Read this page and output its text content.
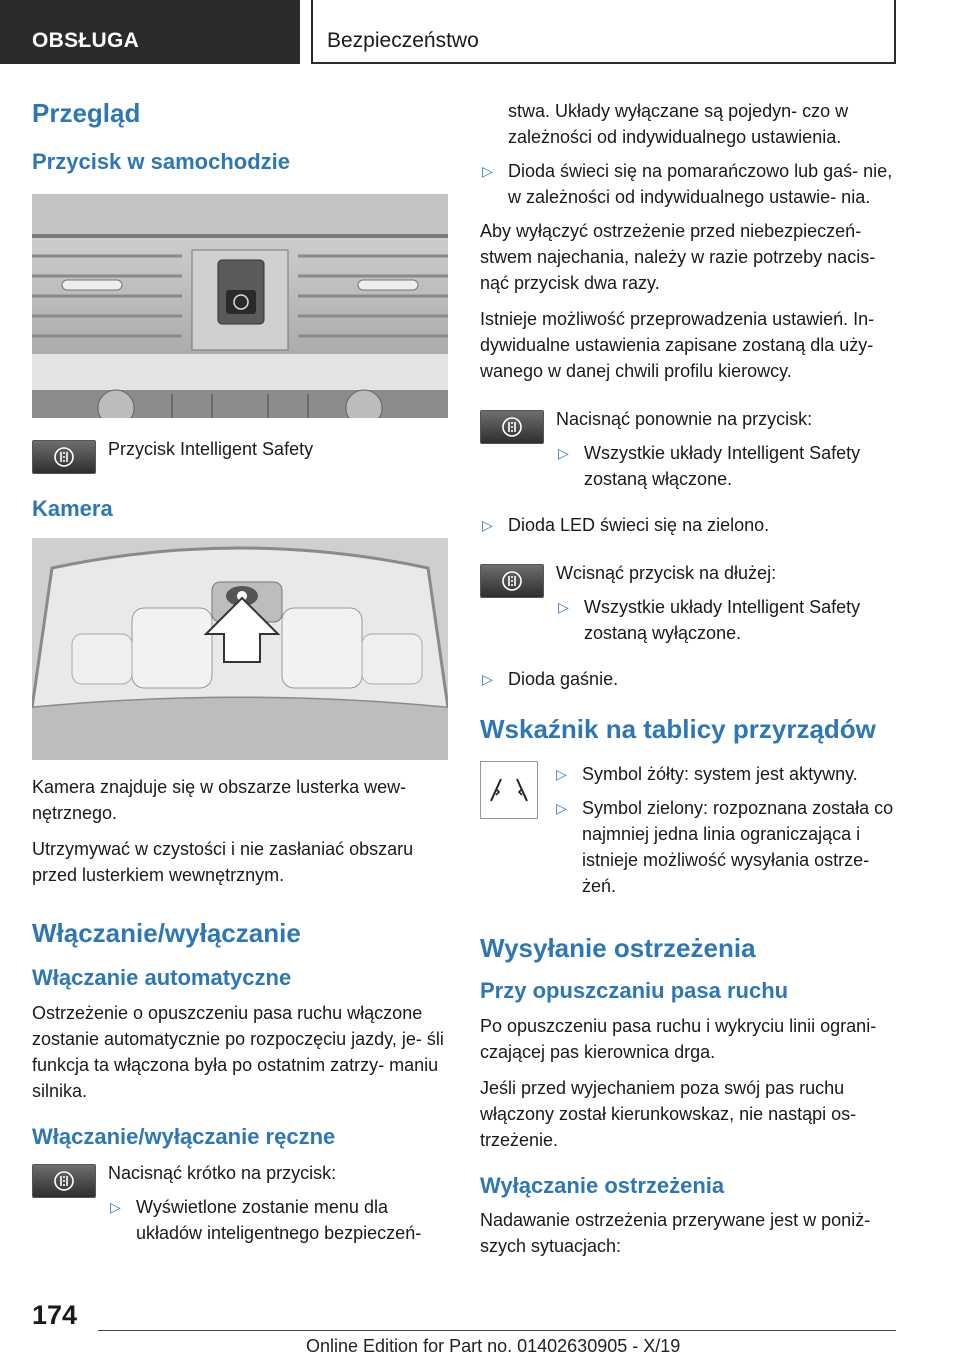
OBSŁUGA	Bezpieczeństwo
Przegląd
Przycisk w samochodzie
Przycisk Intelligent Safety
Kamera

Kamera znajduje się w obszarze lusterka wew‐ nętrznego.

Utrzymywać w czystości i nie zasłaniać obszaru przed lusterkiem wewnętrznym.

Włączanie/wyłączanie
Włączanie automatyczne

Ostrzeżenie o opuszczeniu pasa ruchu włączone zostanie automatycznie po rozpoczęciu jazdy, je‐ śli funkcja ta włączona była po ostatnim zatrzy‐ maniu silnika.

Włączanie/wyłączanie ręczne

Nacisnąć krótko na przycisk:

▷ Wyświetlone zostanie menu dla układów inteligentnego bezpieczeń‐

stwa. Układy wyłączane są pojedyn‐ czo w zależności od indywidualnego ustawienia.

▷ Dioda świeci się na pomarańczowo lub gaś‐ nie, w zależności od indywidualnego ustawie‐ nia.

Aby wyłączyć ostrzeżenie przed niebezpieczeń‐ stwem najechania, należy w razie potrzeby nacis‐ nąć przycisk dwa razy.

Istnieje możliwość przeprowadzenia ustawień. In‐ dywidualne ustawienia zapisane zostaną dla uży‐ wanego w danej chwili profilu kierowcy.

Nacisnąć ponownie na przycisk:

▷ Wszystkie układy Intelligent Safety zostaną włączone.
▷ Dioda LED świeci się na zielono.

Wcisnąć przycisk na dłużej:

▷ Wszystkie układy Intelligent Safety zostaną wyłączone.
▷ Dioda gaśnie.
Wskaźnik na tablicy przyrządów
▷ Symbol żółty: system jest aktywny.
▷ Symbol zielony: rozpoznana została co najmniej jedna linia ograniczająca i istnieje możliwość wysyłania ostrze‐ żeń.
Wysyłanie ostrzeżenia
Przy opuszczaniu pasa ruchu

Po opuszczeniu pasa ruchu i wykryciu linii ograni‐ czającej pas kierownica drga.

Jeśli przed wyjechaniem poza swój pas ruchu włączony został kierunkowskaz, nie nastąpi os‐ trzeżenie.

Wyłączanie ostrzeżenia

Nadawanie ostrzeżenia przerywane jest w poniż‐ szych sytuacjach:

174
Online Edition for Part no. 01402630905 - X/19
